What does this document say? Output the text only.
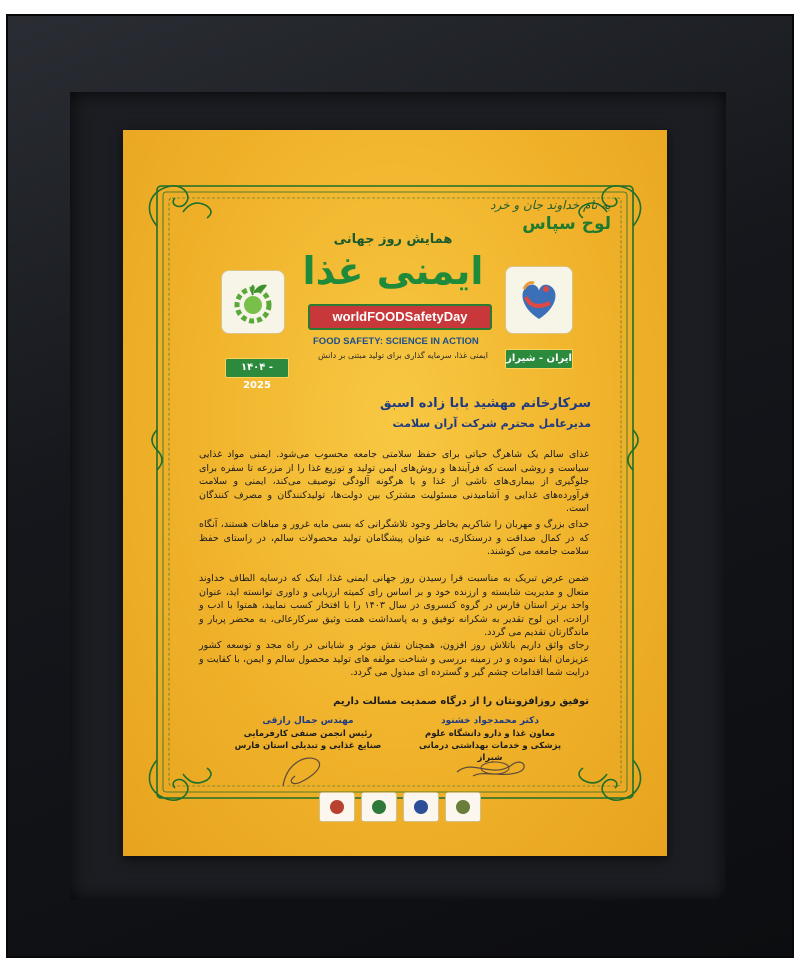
به نام خداوند جان و خرد
لوح سپاس
همایش روز جهانی
ایمنی غذا
worldFOODSafetyDay
FOOD SAFETY: SCIENCE IN ACTION
ایمنی غذا، سرمایه گذاری برای تولید مبتنی بر دانش
۱۴۰۴ - 2025
ایران - شیراز
سرکارخانم مهشید بابا زاده اسبق
مدیرعامل محترم شرکت آران سلامت
غذای سالم یک شاهرگ حیاتی برای حفظ سلامتی جامعه محسوب می‌شود. ایمنی مواد غذایی سیاست و روشی است که فرآیندها و روش‌های ایمن تولید و توزیع غذا را از مزرعه تا سفره برای جلوگیری از بیماری‌های ناشی از غذا و یا هرگونه آلودگی توصیف می‌کند، ایمنی و سلامت فرآورده‌های غذایی و آشامیدنی مسئولیت مشترک بین دولت‌ها، تولیدکنندگان و مصرف کنندگان است.
خدای بزرگ و مهربان را شاکریم بخاطر وجود تلاشگرانی که بسی مایه غرور و مباهات هستند، آنگاه که در کمال صداقت و درستکاری، به عنوان پیشگامان تولید محصولات سالم، در راستای حفظ سلامت جامعه می کوشند.
ضمن عرض تبریک به مناسبت فرا رسیدن روز جهانی ایمنی غذا، اینک که درسایه الطاف خداوند متعال و مدیریت شایسته و ارزنده خود و بر اساس رای کمیته ارزیابی و داوری توانسته اید، عنوان واحد برتر استان فارس در گروه کنسروی در سال ۱۴۰۳ را با افتخار کسب نمایید، همتوا با ادب و ارادت، این لوح تقدیر به شکرانه توفیق و به پاسداشت همت وثیق سرکارعالی، به محضر پربار و ماندگارتان تقدیم می گردد.
رجای واثق داریم باتلاش روز افزون، همچنان نقش موثر و شایانی در راه مجد و توسعه کشور عزیزمان ایفا نموده و در زمینه بررسی و شناخت مولفه های تولید محصول سالم و ایمن، با کفایت و درایت شما اقدامات چشم گیر و گسترده ای مبذول می گردد.
توفیق روزافزونتان را از درگاه صمدیت مسالت داریم
دکتر محمدجواد خشنود
معاون غذا و دارو دانشگاه علوم پزشکی و خدمات بهداشتی درمانی شیراز
مهندس جمال رازقی
رئیس انجمن صنفی کارفرمایی صنایع غذایی و تبدیلی استان فارس
